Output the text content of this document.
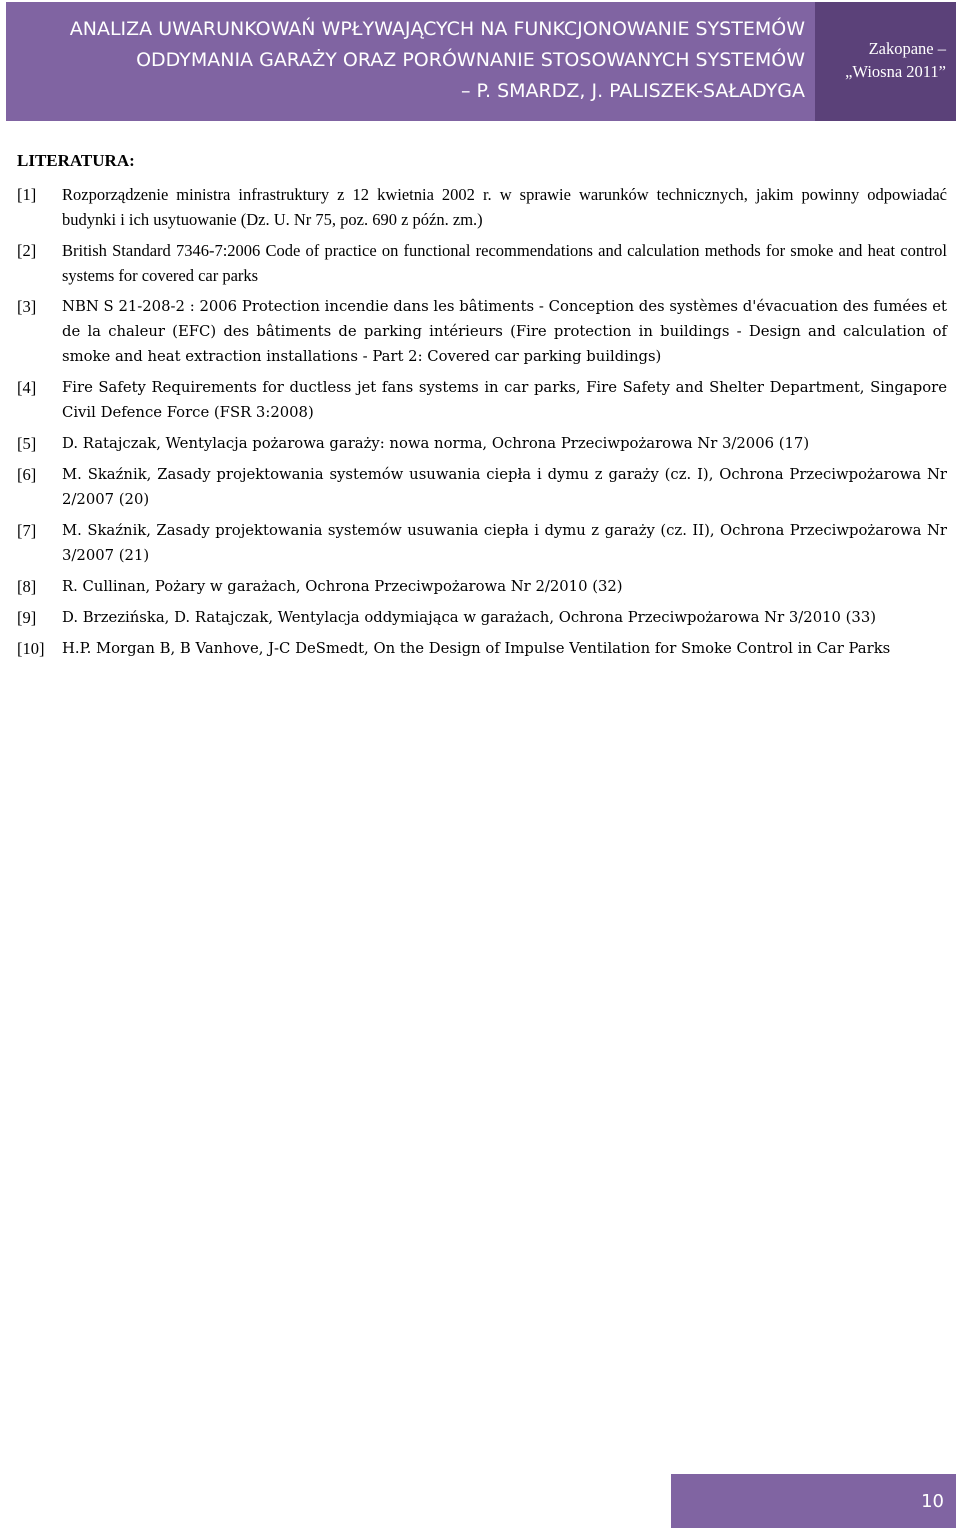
ANALIZA UWARUNKOWAŃ WPŁYWAJĄCYCH NA FUNKCJONOWANIE SYSTEMÓW
ODDYMANIA GARAŻY ORAZ PORÓWNANIE STOSOWANYCH SYSTEMÓW
– P. SMARDZ, J. PALISZEK-SAŁADYGA
Zakopane –
„Wiosna 2011”
LITERATURA:
[1] Rozporządzenie ministra infrastruktury z 12 kwietnia 2002 r. w sprawie warunków technicznych, jakim powinny odpowiadać budynki i ich usytuowanie (Dz. U. Nr 75, poz. 690 z późn. zm.)
[2] British Standard 7346-7:2006 Code of practice on functional recommendations and calculation methods for smoke and heat control systems for covered car parks
[3] NBN S 21-208-2 : 2006 Protection incendie dans les bâtiments - Conception des systèmes d'évacuation des fumées et de la chaleur (EFC) des bâtiments de parking intérieurs (Fire protection in buildings - Design and calculation of smoke and heat extraction installations - Part 2: Covered car parking buildings)
[4] Fire Safety Requirements for ductless jet fans systems in car parks, Fire Safety and Shelter Department, Singapore Civil Defence Force (FSR 3:2008)
[5] D. Ratajczak, Wentylacja pożarowa garaży: nowa norma, Ochrona Przeciwpożarowa Nr 3/2006 (17)
[6] M. Skaźnik, Zasady projektowania systemów usuwania ciepła i dymu z garaży (cz. I), Ochrona Przeciwpożarowa Nr 2/2007 (20)
[7] M. Skaźnik, Zasady projektowania systemów usuwania ciepła i dymu z garaży (cz. II), Ochrona Przeciwpożarowa Nr 3/2007 (21)
[8] R. Cullinan, Pożary w garażach, Ochrona Przeciwpożarowa Nr 2/2010 (32)
[9] D. Brzezińska, D. Ratajczak, Wentylacja oddymiająca w garażach, Ochrona Przeciwpożarowa Nr 3/2010 (33)
[10] H.P. Morgan B, B Vanhove, J-C DeSmedt, On the Design of Impulse Ventilation for Smoke Control in Car Parks
10
